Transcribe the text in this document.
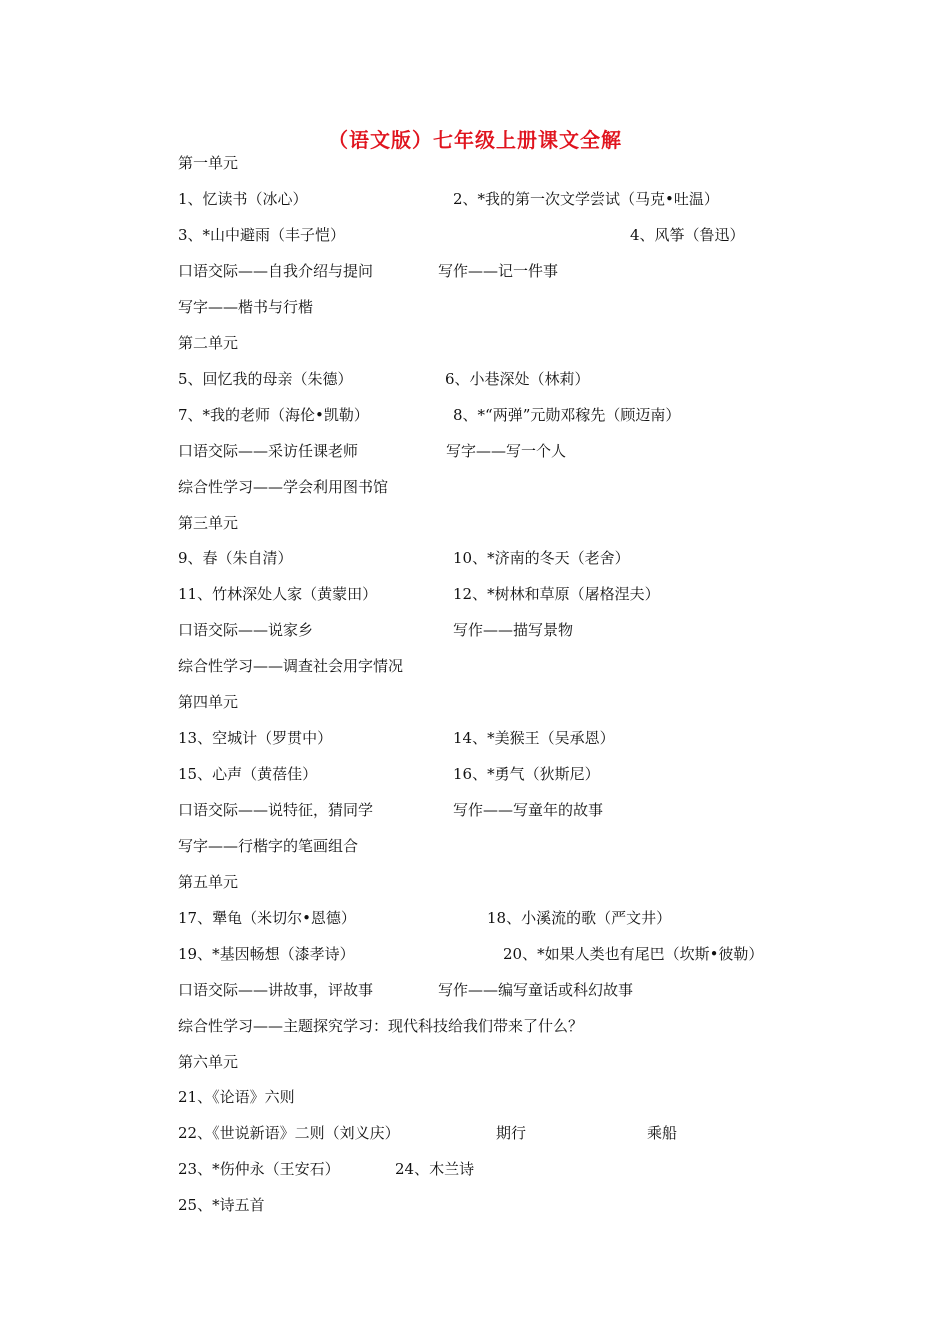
（语文版）七年级上册课文全解
第一单元
1、忆读书（冰心）	2、*我的第一次文学尝试（马克•吐温）
3、*山中避雨（丰子恺）	4、风筝（鲁迅）
口语交际——自我介绍与提问	写作——记一件事
写字——楷书与行楷
第二单元
5、回忆我的母亲（朱德）	6、小巷深处（林莉）
7、*我的老师（海伦•凯勒）	8、*“两弹”元勋邓稼先（顾迈南）
口语交际——采访任课老师	写字——写一个人
综合性学习——学会利用图书馆
第三单元
9、春（朱自清）	10、*济南的冬天（老舍）
11、竹林深处人家（黄蒙田）	12、*树林和草原（屠格涅夫）
口语交际——说家乡	写作——描写景物
综合性学习——调查社会用字情况
第四单元
13、空城计（罗贯中）	14、*美猴王（吴承恩）
15、心声（黄蓓佳）	16、*勇气（狄斯尼）
口语交际——说特征，猜同学	写作——写童年的故事
写字——行楷字的笔画组合
第五单元
17、犟龟（米切尔•恩德）	18、小溪流的歌（严文井）
19、*基因畅想（漆孝诗）	20、*如果人类也有尾巴（坎斯•彼勒）
口语交际——讲故事，评故事	写作——编写童话或科幻故事
综合性学习——主题探究学习：现代科技给我们带来了什么？
第六单元
21、《论语》六则
22、《世说新语》二则（刘义庆）	期行	乘船
23、*伤仲永（王安石）	24、木兰诗
25、*诗五首
